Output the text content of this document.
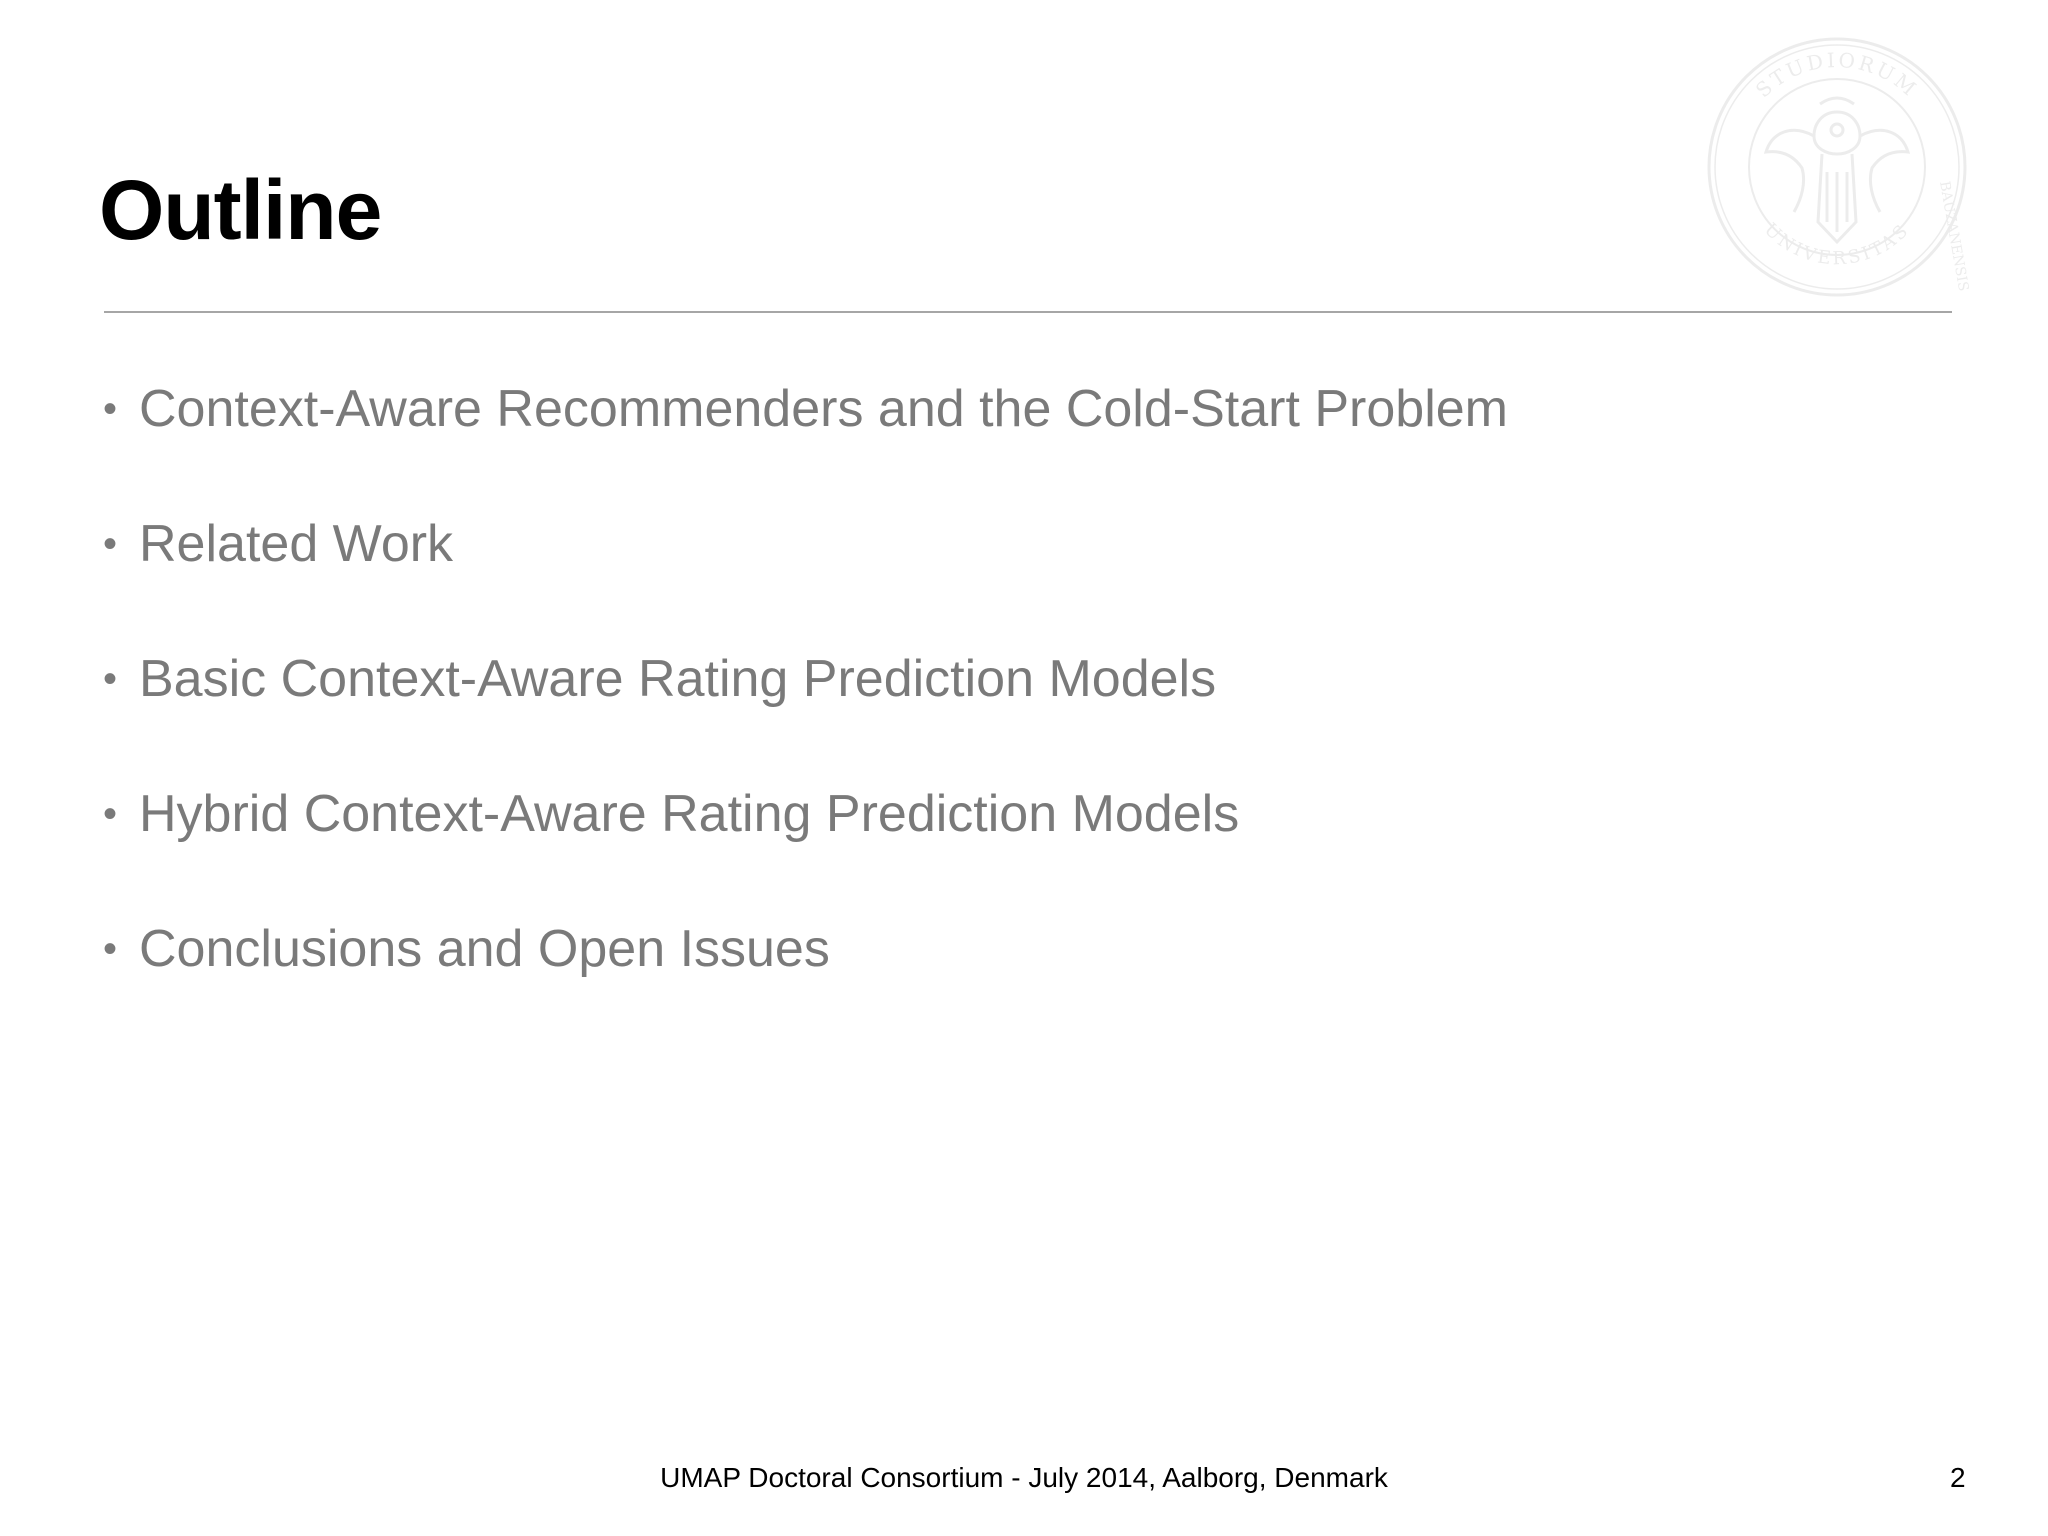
Outline
STUDIORUM
UNIVERSITAS BAUZANENSIS
• Context-Aware Recommenders and the Cold-Start Problem
• Related Work
• Basic Context-Aware Rating Prediction Models
• Hybrid Context-Aware Rating Prediction Models
• Conclusions and Open Issues
UMAP Doctoral Consortium - July 2014, Aalborg, Denmark	2
